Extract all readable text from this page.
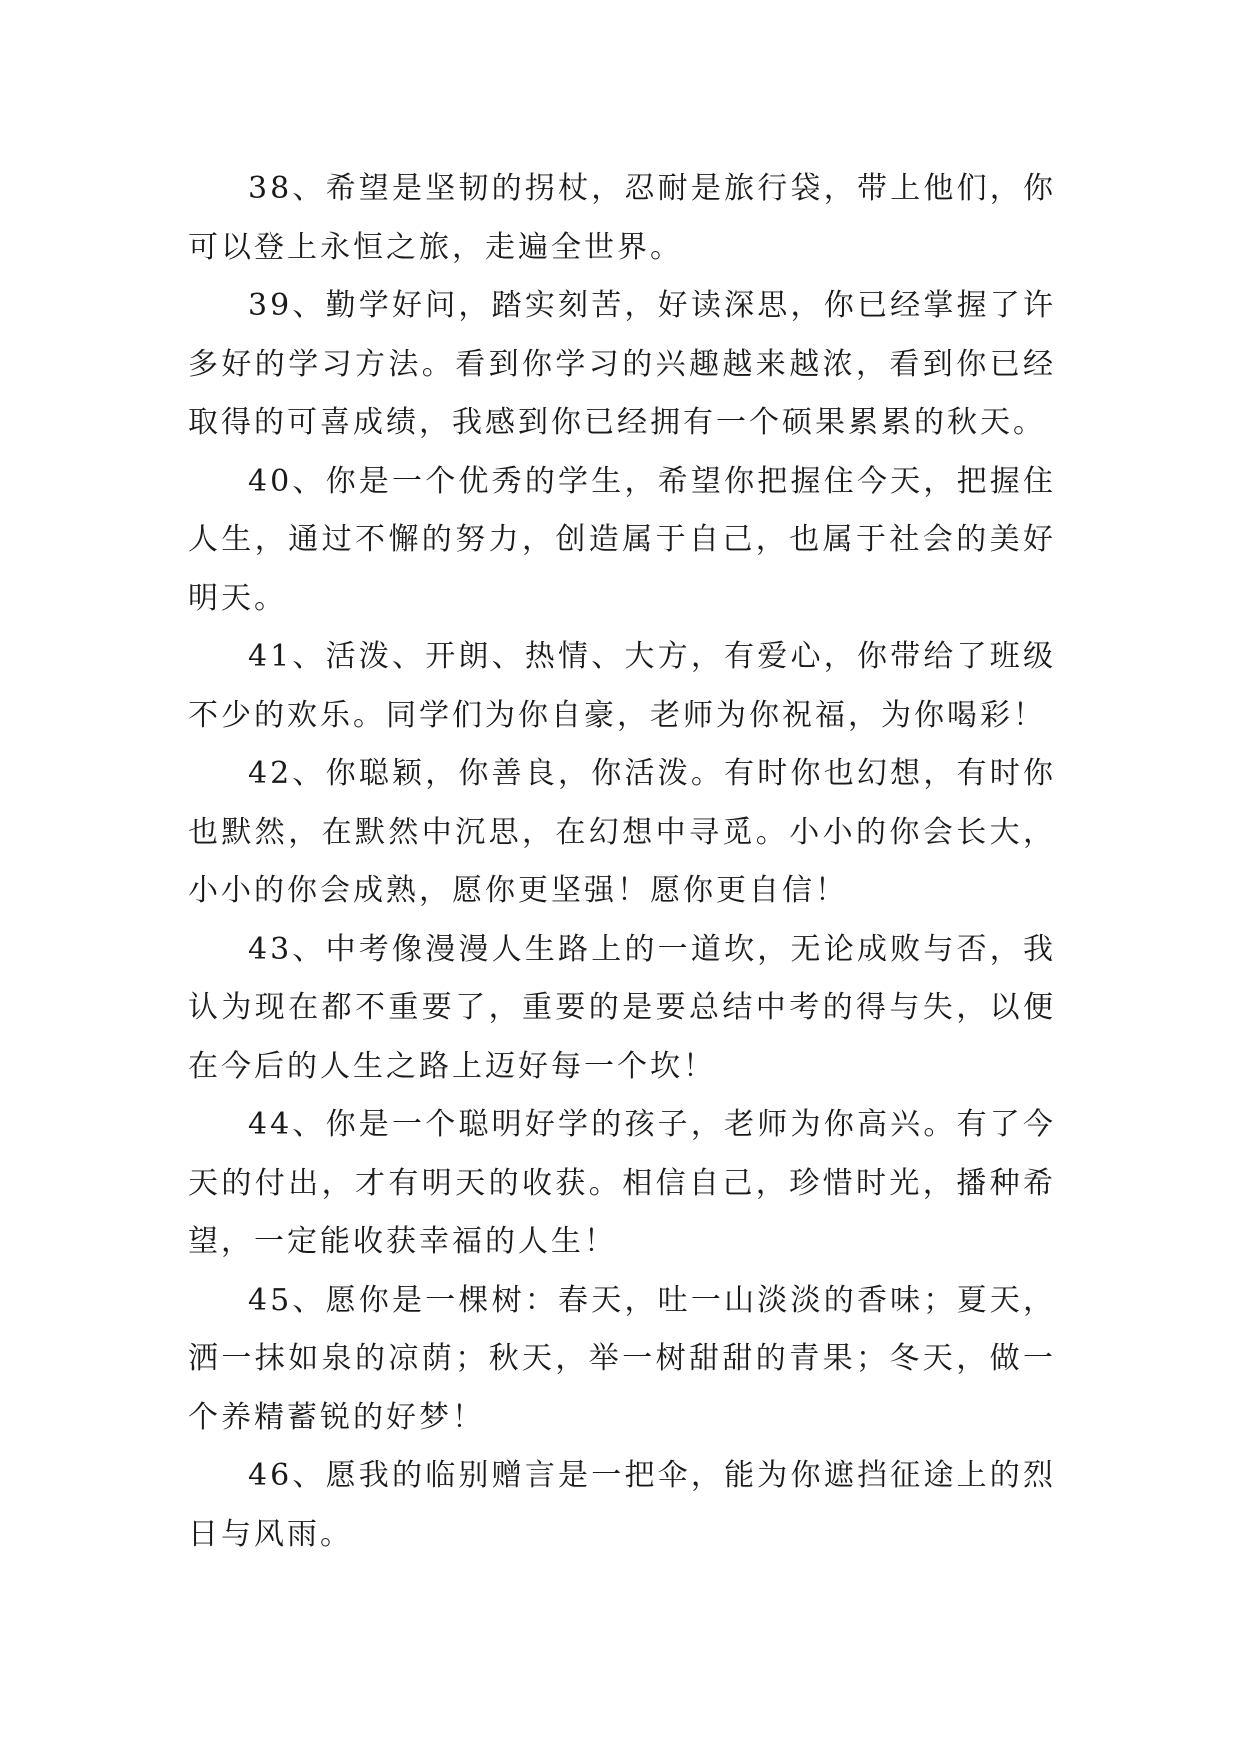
38、希望是坚韧的拐杖，忍耐是旅行袋，带上他们，你可以登上永恒之旅，走遍全世界。

39、勤学好问，踏实刻苦，好读深思，你已经掌握了许多好的学习方法。看到你学习的兴趣越来越浓，看到你已经取得的可喜成绩，我感到你已经拥有一个硕果累累的秋天。

40、你是一个优秀的学生，希望你把握住今天，把握住人生，通过不懈的努力，创造属于自己，也属于社会的美好明天。

41、活泼、开朗、热情、大方，有爱心，你带给了班级不少的欢乐。同学们为你自豪，老师为你祝福，为你喝彩！

42、你聪颖，你善良，你活泼。有时你也幻想，有时你也默然，在默然中沉思，在幻想中寻觅。小小的你会长大，小小的你会成熟，愿你更坚强！愿你更自信！

43、中考像漫漫人生路上的一道坎，无论成败与否，我认为现在都不重要了，重要的是要总结中考的得与失，以便在今后的人生之路上迈好每一个坎！

44、你是一个聪明好学的孩子，老师为你高兴。有了今天的付出，才有明天的收获。相信自己，珍惜时光，播种希望，一定能收获幸福的人生！

45、愿你是一棵树：春天，吐一山淡淡的香味；夏天，洒一抹如泉的凉荫；秋天，举一树甜甜的青果；冬天，做一个养精蓄锐的好梦！

46、愿我的临别赠言是一把伞，能为你遮挡征途上的烈日与风雨。
